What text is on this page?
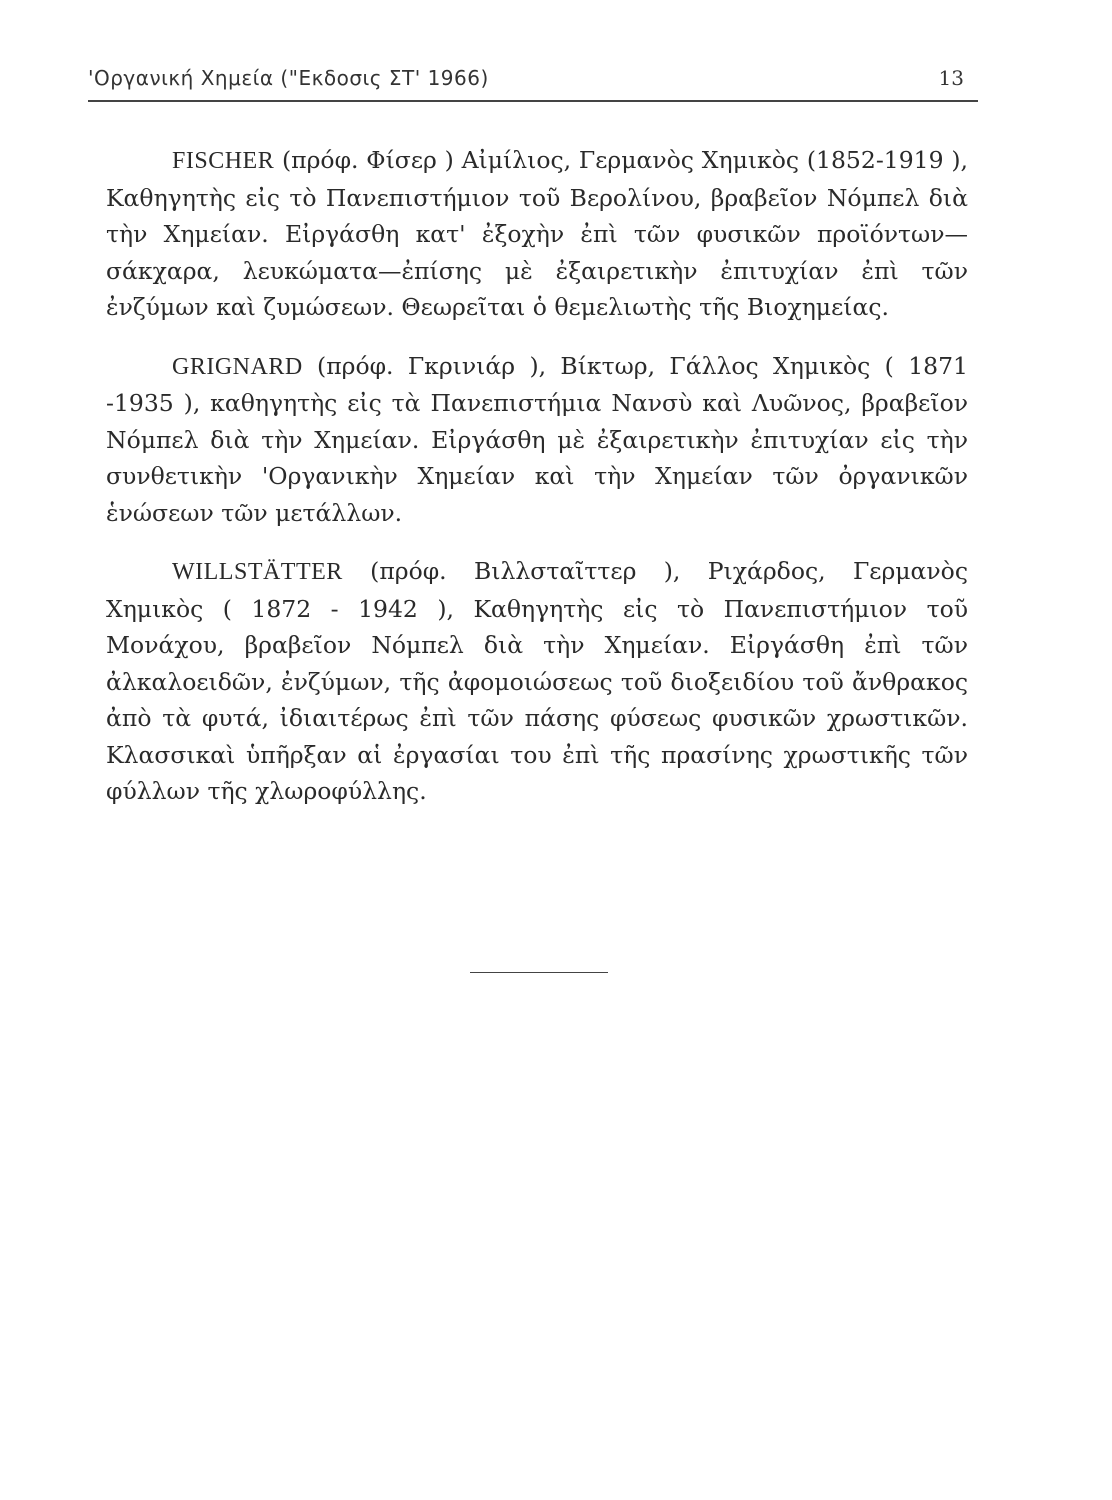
'Οργανική Χημεία ("Εκδοσις ΣΤ' 1966)	13

FISCHER (πρόφ. Φίσερ ) Αἰμίλιος, Γερμανὸς Χημικὸς (1852-1919 ), Καθηγητὴς εἰς τὸ Πανεπιστήμιον τοῦ Βερολίνου, βραβεῖον Νόμπελ διὰ τὴν Χημείαν. Εἰργάσθη κατ' ἐξοχὴν ἐπὶ τῶν φυσικῶν προϊόντων—σάκχαρα, λευκώματα—ἐπίσης μὲ ἐξαιρετικὴν ἐπιτυχίαν ἐπὶ τῶν ἐνζύμων καὶ ζυμώσεων. Θεωρεῖται ὁ θεμελιωτὴς τῆς Βιοχημείας.

GRIGNARD (πρόφ. Γκρινιάρ ), Βίκτωρ, Γάλλος Χημικὸς ( 1871 -1935 ), καθηγητὴς εἰς τὰ Πανεπιστήμια Νανσὺ καὶ Λυῶνος, βραβεῖον Νόμπελ διὰ τὴν Χημείαν. Εἰργάσθη μὲ ἐξαιρετικὴν ἐπιτυχίαν εἰς τὴν συνθετικὴν 'Οργανικὴν Χημείαν καὶ τὴν Χημείαν τῶν ὀργανικῶν ἑνώσεων τῶν μετάλλων.

WILLSTÄTTER (πρόφ. Βιλλσταῖττερ ), Ριχάρδος, Γερμανὸς Χημικὸς ( 1872 - 1942 ), Καθηγητὴς εἰς τὸ Πανεπιστήμιον τοῦ Μονάχου, βραβεῖον Νόμπελ διὰ τὴν Χημείαν. Εἰργάσθη ἐπὶ τῶν ἀλκαλοειδῶν, ἐνζύμων, τῆς ἀφομοιώσεως τοῦ διοξειδίου τοῦ ἄνθρακος ἀπὸ τὰ φυτά, ἰδιαιτέρως ἐπὶ τῶν πάσης φύσεως φυσικῶν χρωστικῶν. Κλασσικαὶ ὑπῆρξαν αἱ ἐργασίαι του ἐπὶ τῆς πρασίνης χρωστικῆς τῶν φύλλων τῆς χλωροφύλλης.
